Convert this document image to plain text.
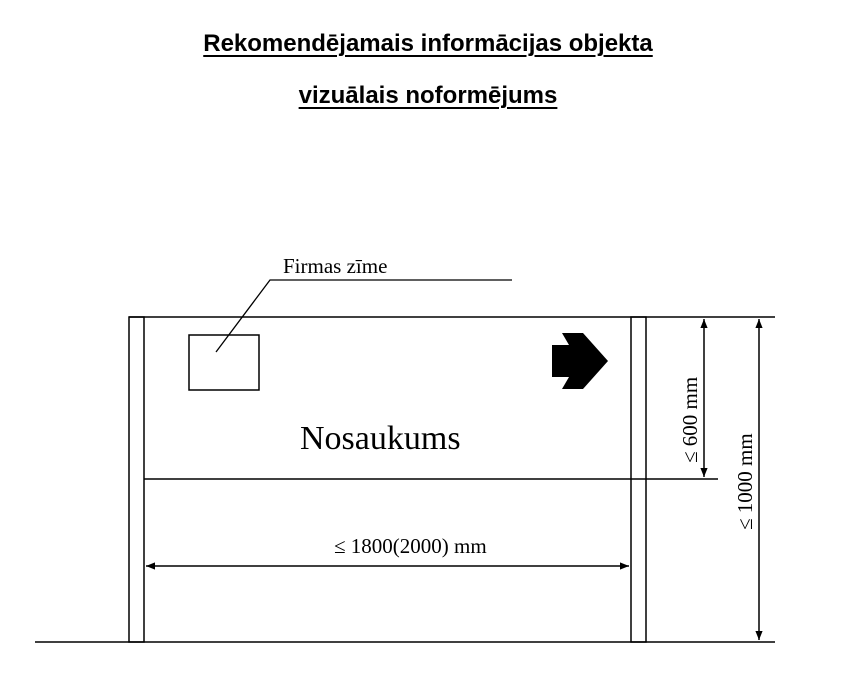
Rekomendējamais informācijas objekta
vizuālais noformējums
Firmas zīme
Nosaukums
≤ 1800(2000) mm
≤ 600 mm
≤ 1000 mm
